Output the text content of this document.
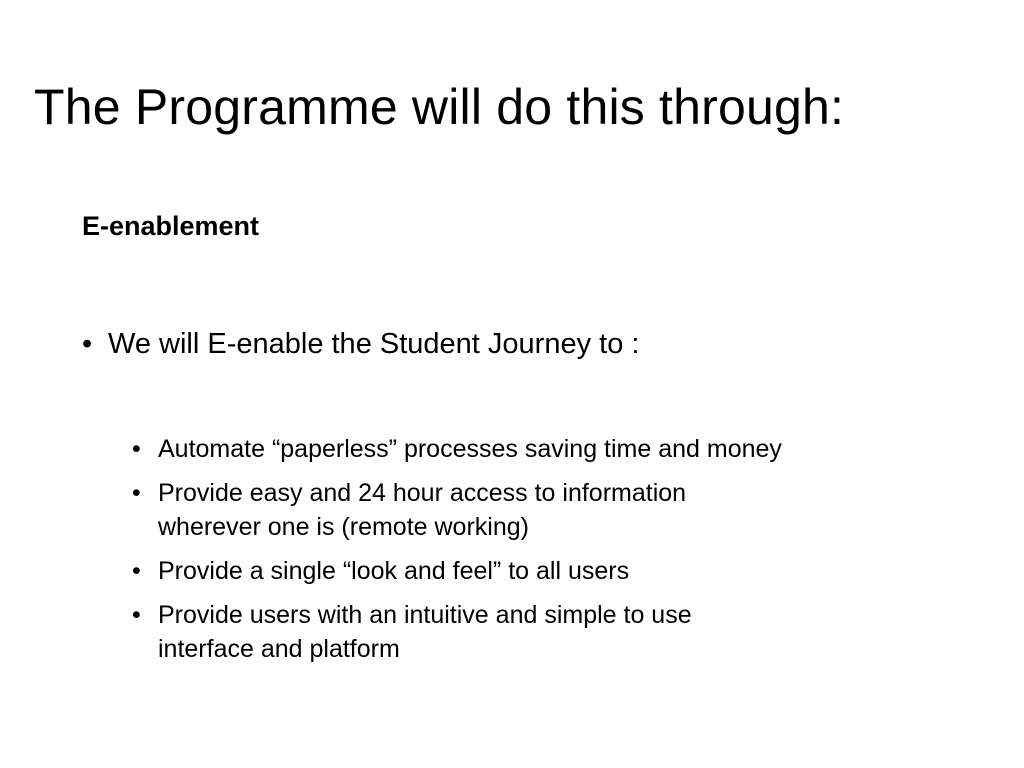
The Programme will do this through:
E-enablement
• We will E-enable the Student Journey to :
• Automate “paperless” processes saving time and money
• Provide easy and 24 hour access to information
wherever one is (remote working)
• Provide a single “look and feel” to all users
• Provide users with an intuitive and simple to use
interface and platform
